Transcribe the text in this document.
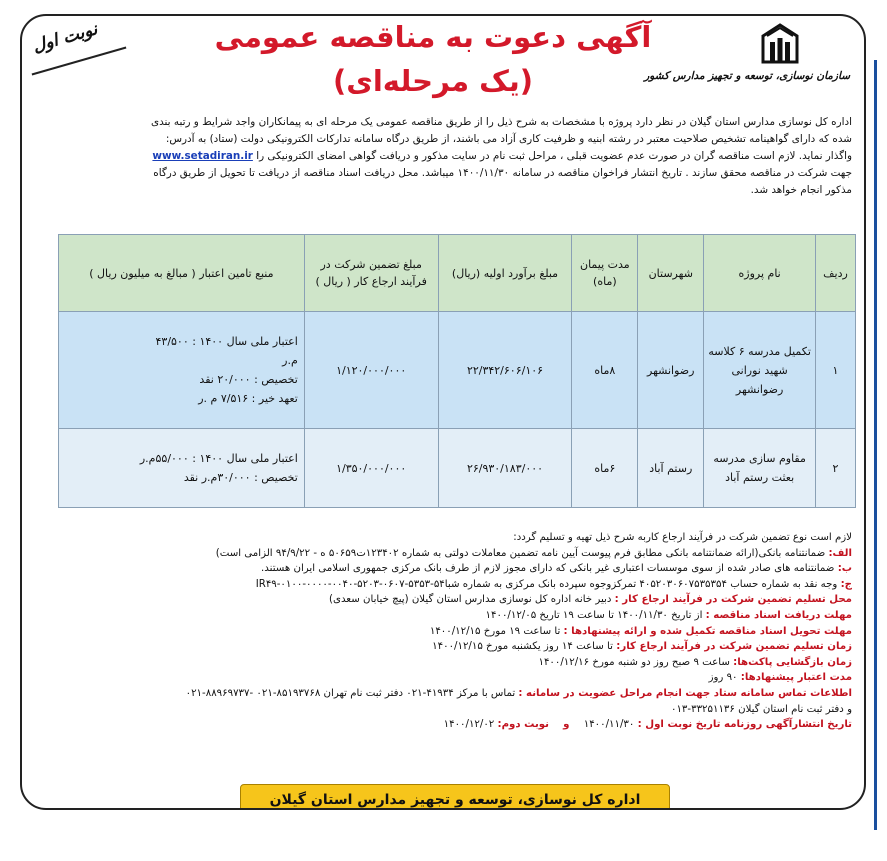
سازمان نوسازی، توسعه و تجهیز مدارس کشور
آگهی دعوت به مناقصه عمومی
(یک مرحله‌ای)
نوبت اول

اداره کل نوسازی مدارس استان گیلان در نظر دارد پروژه با مشخصات به شرح ذیل را از طریق مناقصه عمومی یک مرحله ای به پیمانکاران واجد شرایط و رتبه بندی

شده که دارای گواهینامه تشخیص صلاحیت معتبر در رشته ابنیه و ظرفیت کاری آزاد می باشند، از طریق درگاه سامانه تدارکات الکترونیکی دولت (ستاد) به آدرس:

واگذار نماید. لازم است مناقصه گران در صورت عدم عضویت قبلی ، مراحل ثبت نام در سایت مذکور و دریافت گواهی امضای الکترونیکی را www.setadiran.ir

جهت شرکت در مناقصه محقق سازند . تاریخ انتشار فراخوان مناقصه در سامانه ۱۴۰۰/۱۱/۳۰ میباشد. محل دریافت اسناد مناقصه از دریافت تا تحویل از طریق درگاه

مذکور انجام خواهد شد.

ردیف	نام پروژه	شهرستان	مدت پیمان (ماه)	مبلغ برآورد اولیه (ریال)	مبلغ تضمین شرکت در فرآیند ارجاع کار ( ریال )	منبع تامین اعتبار ( مبالغ به میلیون ریال )
۱	تکمیل مدرسه ۶ کلاسه شهید نورانی رضوانشهر	رضوانشهر	۸ماه	۲۲/۳۴۲/۶۰۶/۱۰۶	۱/۱۲۰/۰۰۰/۰۰۰	اعتبار ملی سال ۱۴۰۰ : ۴۳/۵۰۰
م.ر
تخصیص : ۲۰/۰۰۰ نقد
تعهد خیر : ۷/۵۱۶ م .ر

۲	مقاوم سازی مدرسه بعثت رستم آباد	رستم آباد	۶ماه	۲۶/۹۳۰/۱۸۳/۰۰۰	۱/۳۵۰/۰۰۰/۰۰۰	اعتبار ملی سال ۱۴۰۰ : ۵۵/۰۰۰م.ر
تخصیص : ۳۰/۰۰۰م.ر نقد

لازم است نوع تضمین شرکت در فرآیند ارجاع کاربه شرح ذیل تهیه و تسلیم گردد:

الف: ضمانتنامه بانکی(ارائه ضمانتنامه بانکی مطابق فرم پیوست آیین نامه تضمین معاملات دولتی به شماره ۱۲۳۴۰۲ت۵۰۶۵۹ ه - ۹۴/۹/۲۲ الزامی است)

ب: ضمانتنامه های صادر شده از سوی موسسات اعتباری غیر بانکی که دارای مجوز لازم از طرف بانک مرکزی جمهوری اسلامی ایران هستند.

ج: وجه نقد به شماره حساب ۴۰۵۲۰۳۰۶۰۷۵۳۵۳۵۴ تمرکزوجوه سپرده بانک مرکزی به شماره شباIR۴۹-۰۱۰۰-۰۰۰۰-۰۰۴۰-۵۲۰۳-۰۶۰۷-۵۳۵۳-۵۴

محل تسلیم تضمین شرکت در فرآیند ارجاع کار : دبیر خانه اداره کل نوسازی مدارس استان گیلان (پیچ خیابان سعدی)

مهلت دریافت اسناد مناقصه : از تاریخ ۱۴۰۰/۱۱/۳۰ تا ساعت ۱۹ تاریخ ۱۴۰۰/۱۲/۰۵

مهلت تحویل اسناد مناقصه تکمیل شده و ارائه پیشنهادها : تا ساعت ۱۹ مورخ ۱۴۰۰/۱۲/۱۵

زمان تسلیم تضمین شرکت در فرآیند ارجاع کار: تا ساعت ۱۴ روز یکشنبه مورخ ۱۴۰۰/۱۲/۱۵

زمان بازگشایی پاکت‌ها: ساعت ۹ صبح روز دو شنبه مورخ ۱۴۰۰/۱۲/۱۶

مدت اعتبار پیشنهادها: ۹۰ روز

اطلاعات تماس سامانه ستاد جهت انجام مراحل عضویت در سامانه : تماس با مرکز ۴۱۹۳۴-۰۲۱ دفتر ثبت نام تهران ۸۵۱۹۳۷۶۸-۰۲۱ -۸۸۹۶۹۷۳۷-۰۲۱

و دفتر ثبت نام استان گیلان ۳۳۲۵۱۱۳۶-۰۱۳

تاریخ انتشارآگهی روزنامه تاریخ نوبت اول : ۱۴۰۰/۱۱/۳۰    و    نوبت دوم: ۱۴۰۰/۱۲/۰۲

اداره کل نوسازی، توسعه و تجهیز مدارس استان گیلان
